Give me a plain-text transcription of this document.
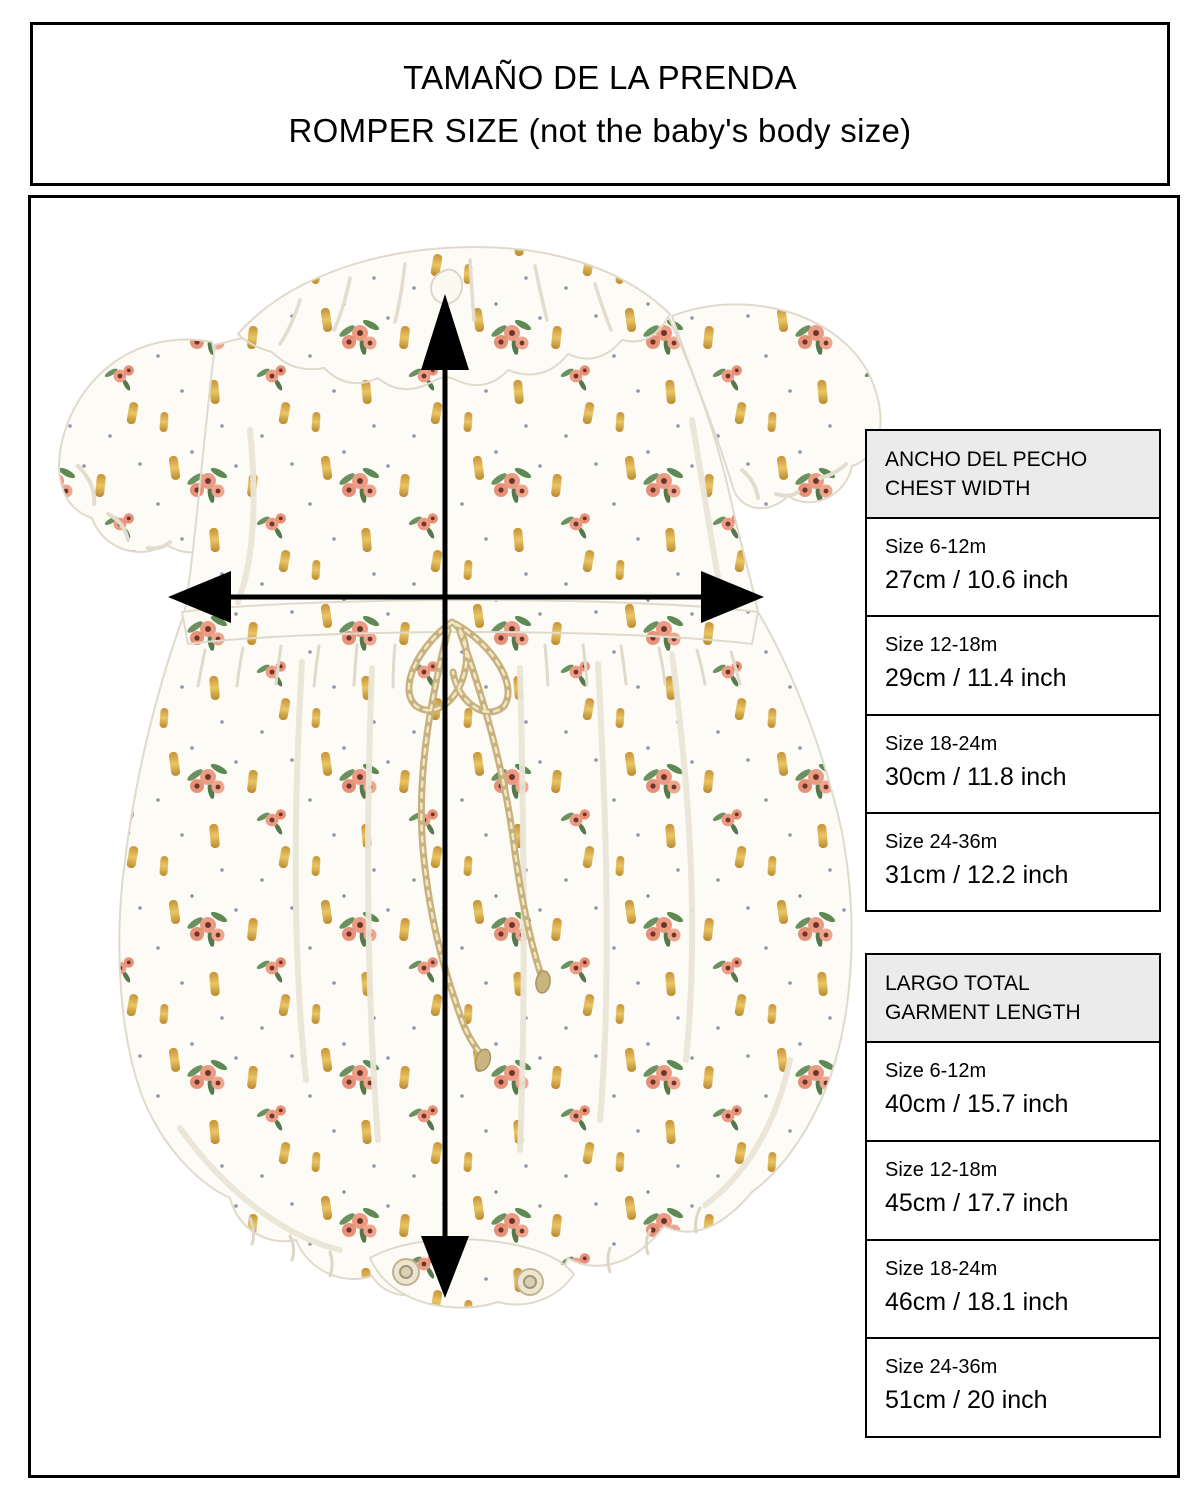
TAMAÑO DE LA PRENDA
ROMPER SIZE (not the baby's body size)
ANCHO DEL PECHO
CHEST WIDTH
Size 6-12m
27cm / 10.6 inch
Size 12-18m
29cm / 11.4 inch
Size 18-24m
30cm / 11.8 inch
Size 24-36m
31cm / 12.2 inch
LARGO TOTAL
GARMENT LENGTH
Size 6-12m
40cm / 15.7 inch
Size 12-18m
45cm / 17.7 inch
Size 18-24m
46cm / 18.1 inch
Size 24-36m
51cm / 20 inch
